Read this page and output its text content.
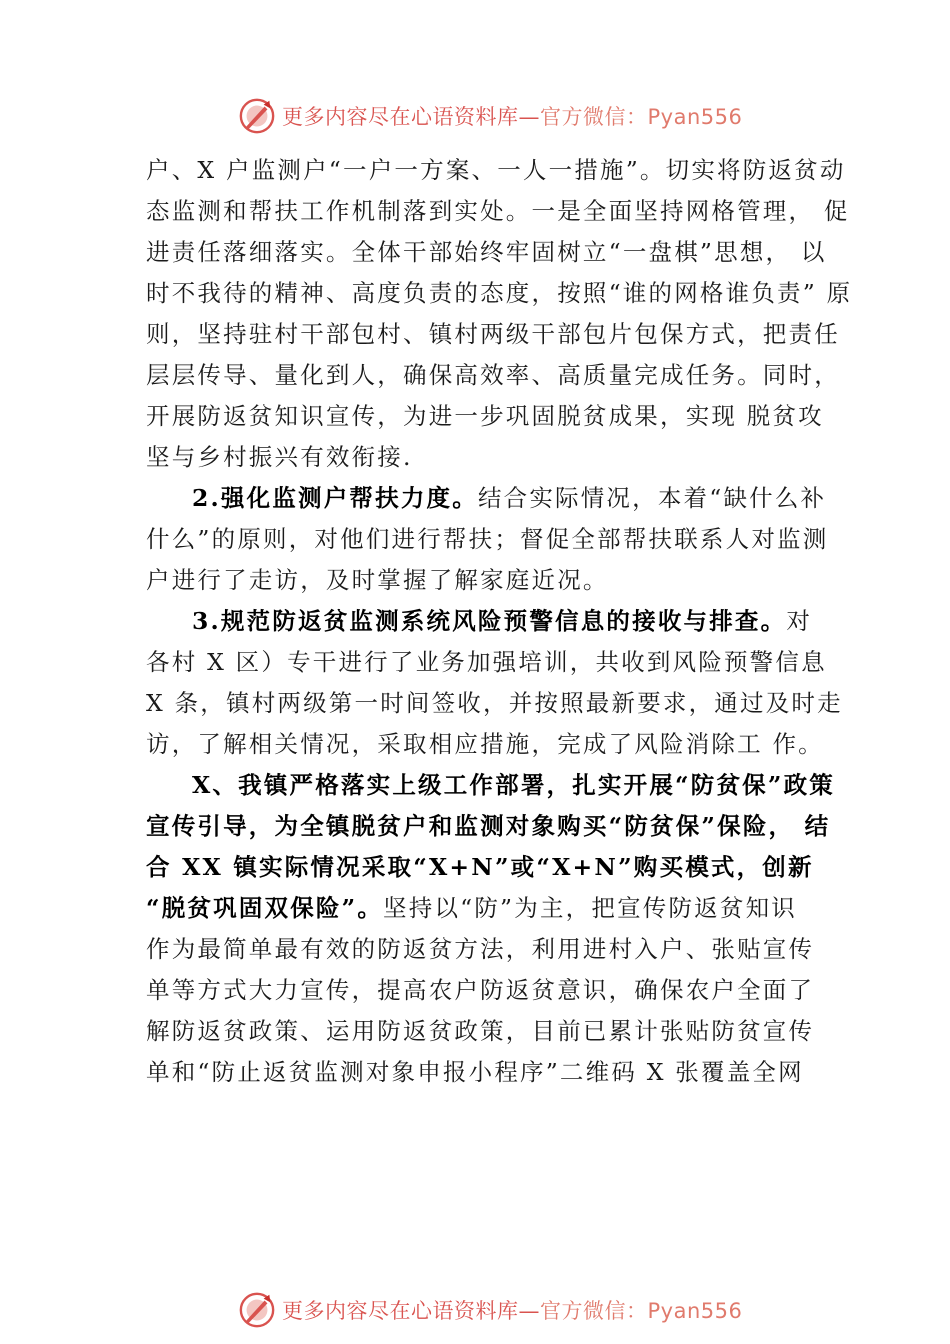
更多内容尽在心语资料库—官方微信：Pyan556
户、X 户监测户“一户一方案、一人一措施”。切实将防返贫动
态监测和帮扶工作机制落到实处。一是全面坚持网格管理， 促
进责任落细落实。全体干部始终牢固树立“一盘棋”思想， 以
时不我待的精神、高度负责的态度，按照“谁的网格谁负责” 原
则，坚持驻村干部包村、镇村两级干部包片包保方式，把责任
层层传导、量化到人，确保高效率、高质量完成任务。同时，
开展防返贫知识宣传，为进一步巩固脱贫成果，实现 脱贫攻
坚与乡村振兴有效衔接.
2.强化监测户帮扶力度。结合实际情况，本着“缺什么补
什么”的原则，对他们进行帮扶；督促全部帮扶联系人对监测
户进行了走访，及时掌握了解家庭近况。
3.规范防返贫监测系统风险预警信息的接收与排查。对
各村 X 区）专干进行了业务加强培训，共收到风险预警信息
X 条，镇村两级第一时间签收，并按照最新要求，通过及时走
访，了解相关情况，采取相应措施，完成了风险消除工 作。
X、我镇严格落实上级工作部署，扎实开展“防贫保”政策
宣传引导，为全镇脱贫户和监测对象购买“防贫保”保险， 结
合 XX 镇实际情况采取“X+N”或“X+N”购买模式，创新
“脱贫巩固双保险”。坚持以“防”为主，把宣传防返贫知识
作为最简单最有效的防返贫方法，利用进村入户、张贴宣传
单等方式大力宣传，提高农户防返贫意识，确保农户全面了
解防返贫政策、运用防返贫政策，目前已累计张贴防贫宣传
单和“防止返贫监测对象申报小程序”二维码 X 张覆盖全网
更多内容尽在心语资料库—官方微信：Pyan556
